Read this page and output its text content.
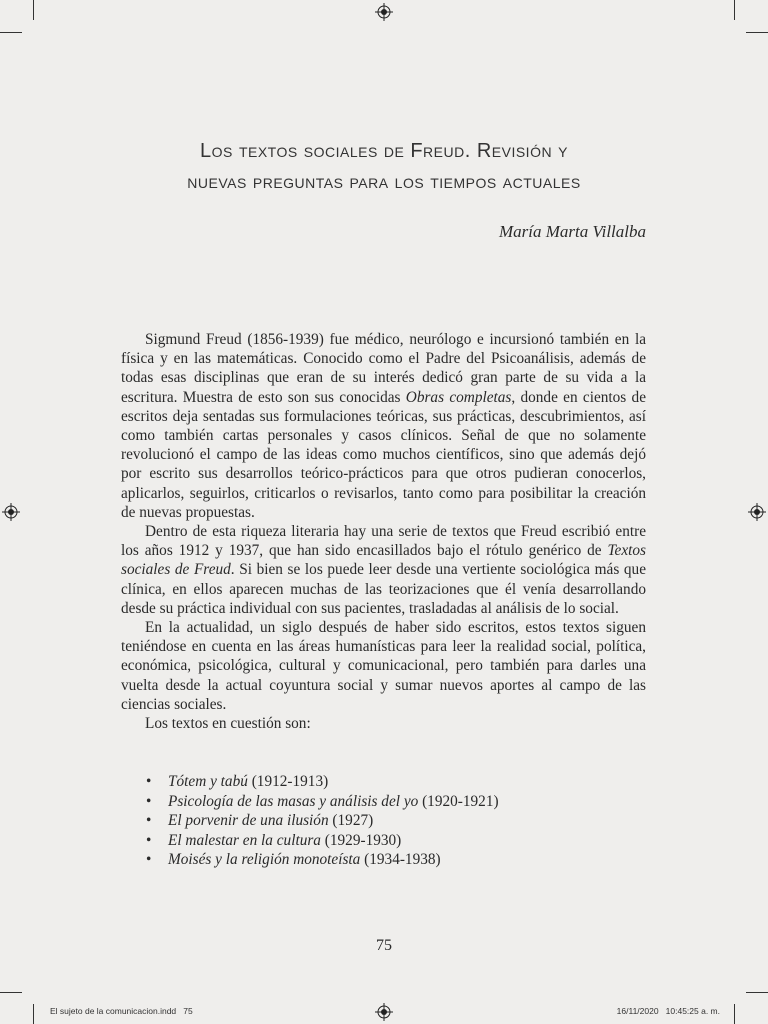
Los textos sociales de Freud. Revisión y
nuevas preguntas para los tiempos actuales
María Marta Villalba

Sigmund Freud (1856-1939) fue médico, neurólogo e incursionó también en la física y en las matemáticas. Conocido como el Padre del Psicoanálisis, además de todas esas disciplinas que eran de su interés dedicó gran parte de su vida a la escritura. Muestra de esto son sus conocidas Obras completas, donde en cientos de escritos deja sentadas sus formulaciones teóricas, sus prácticas, descubrimientos, así como también cartas personales y casos clínicos. Señal de que no solamente revolucionó el campo de las ideas como muchos científicos, sino que además dejó por escrito sus desarrollos teórico-prácticos para que otros pudieran conocerlos, aplicarlos, seguirlos, criticarlos o revisarlos, tanto como para posibilitar la creación de nuevas propuestas.

Dentro de esta riqueza literaria hay una serie de textos que Freud escribió entre los años 1912 y 1937, que han sido encasillados bajo el rótulo genérico de Textos sociales de Freud. Si bien se los puede leer desde una vertiente sociológica más que clínica, en ellos aparecen muchas de las teorizaciones que él venía desarrollando desde su práctica individual con sus pacientes, trasladadas al análisis de lo social.

En la actualidad, un siglo después de haber sido escritos, estos textos siguen teniéndose en cuenta en las áreas humanísticas para leer la realidad social, política, económica, psicológica, cultural y comunicacional, pero también para darles una vuelta desde la actual coyuntura social y sumar nuevos aportes al campo de las ciencias sociales.

Los textos en cuestión son:

• Tótem y tabú (1912-1913)
• Psicología de las masas y análisis del yo (1920-1921)
• El porvenir de una ilusión (1927)
• El malestar en la cultura (1929-1930)
• Moisés y la religión monoteísta (1934-1938)
75
El sujeto de la comunicacion.indd   75	16/11/2020   10:45:25 a. m.
